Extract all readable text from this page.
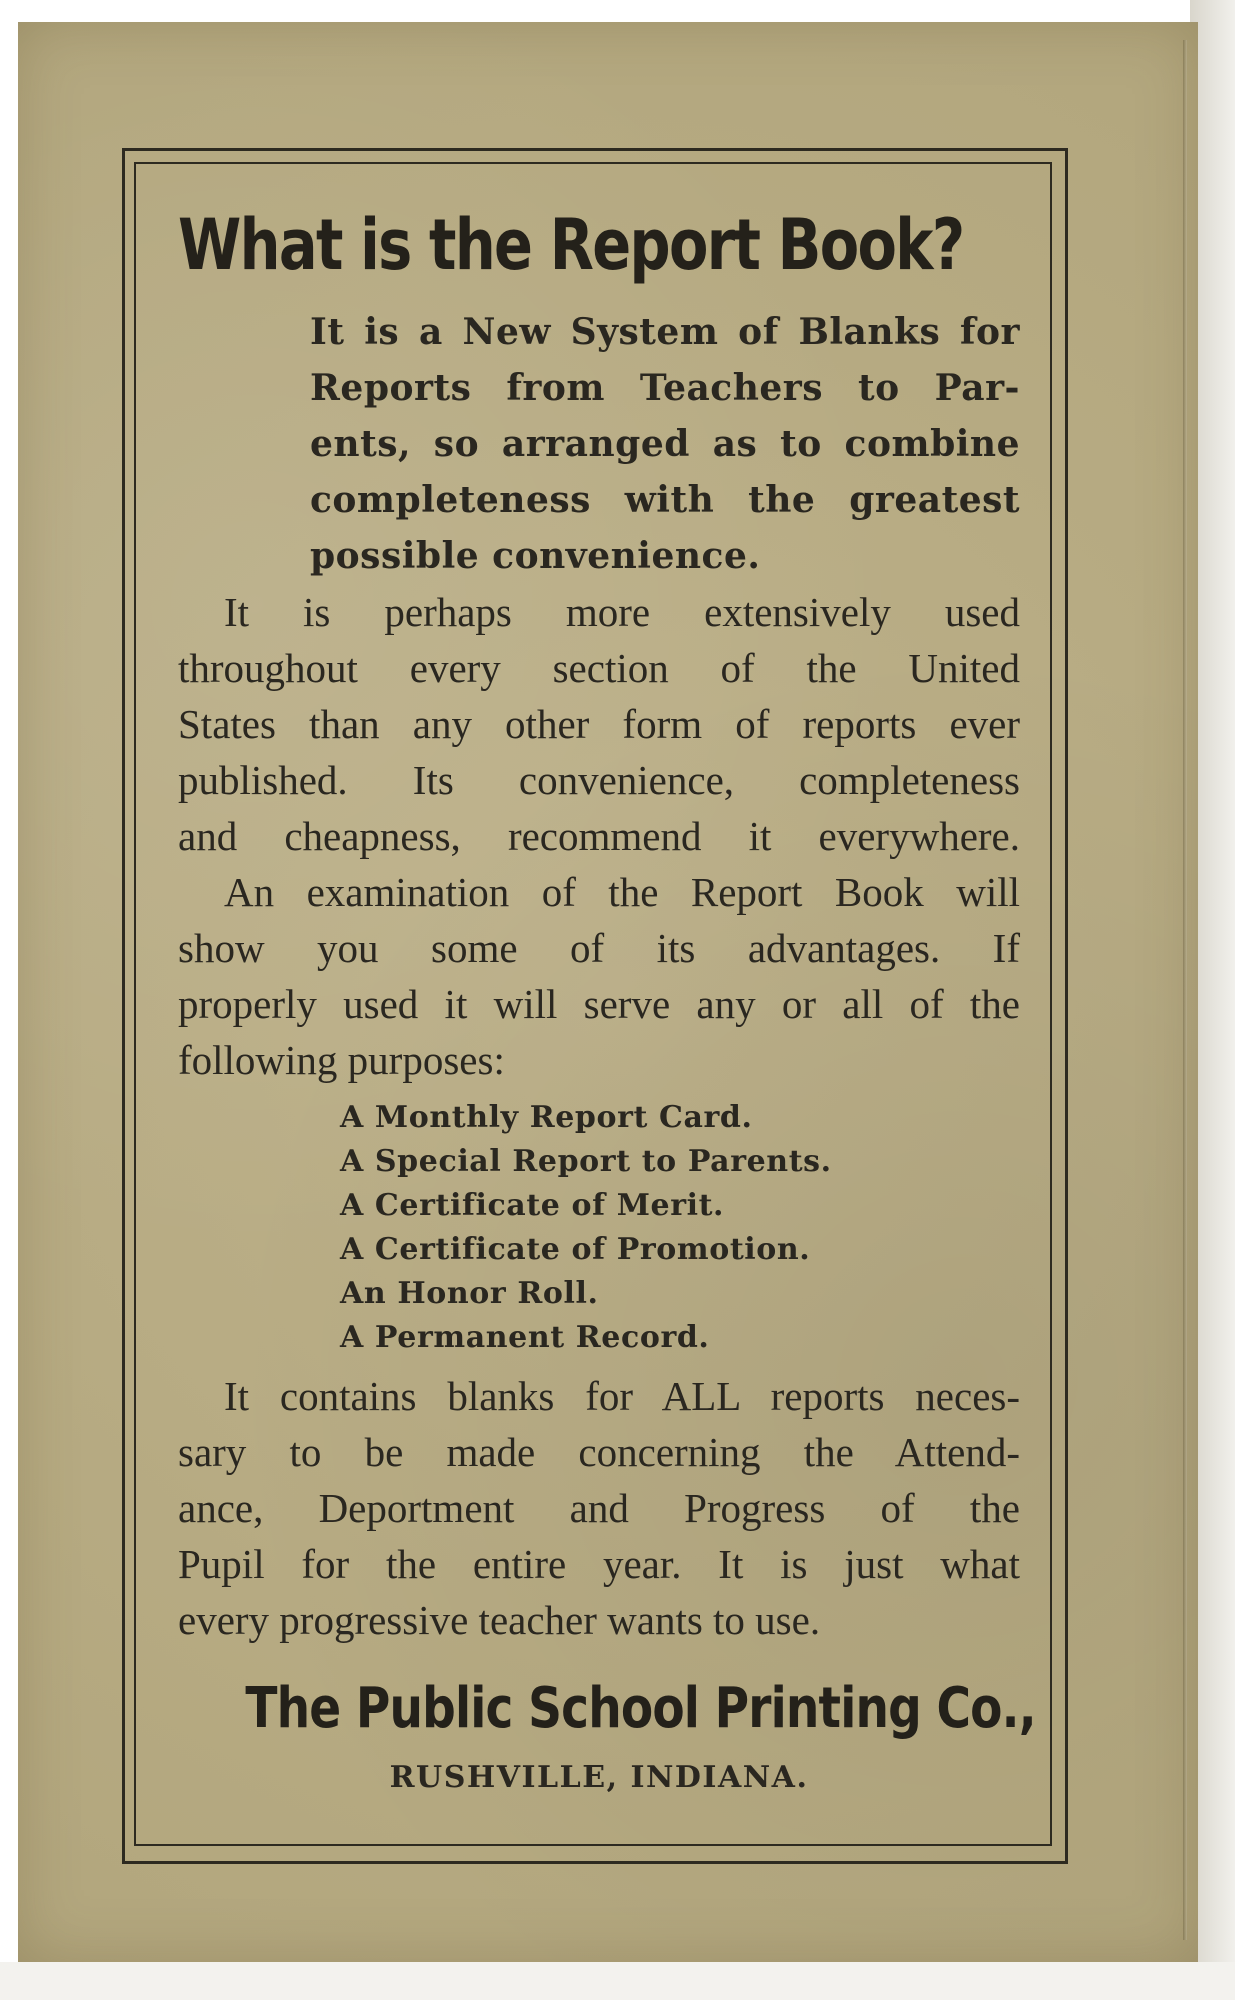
What is the Report Book?
It is a New System of Blanks for
Reports from Teachers to Par-
ents, so arranged as to combine
completeness with the greatest
possible convenience.
It is perhaps more extensively used
throughout every section of the United
States than any other form of reports ever
published. Its convenience, completeness
and cheapness, recommend it everywhere.
An examination of the Report Book will
show you some of its advantages. If
properly used it will serve any or all of the
following purposes:
A Monthly Report Card.
A Special Report to Parents.
A Certificate of Merit.
A Certificate of Promotion.
An Honor Roll.
A Permanent Record.
It contains blanks for ALL reports neces-
sary to be made concerning the Attend-
ance, Deportment and Progress of the
Pupil for the entire year. It is just what
every progressive teacher wants to use.
The Public School Printing Co.,
RUSHVILLE, INDIANA.
